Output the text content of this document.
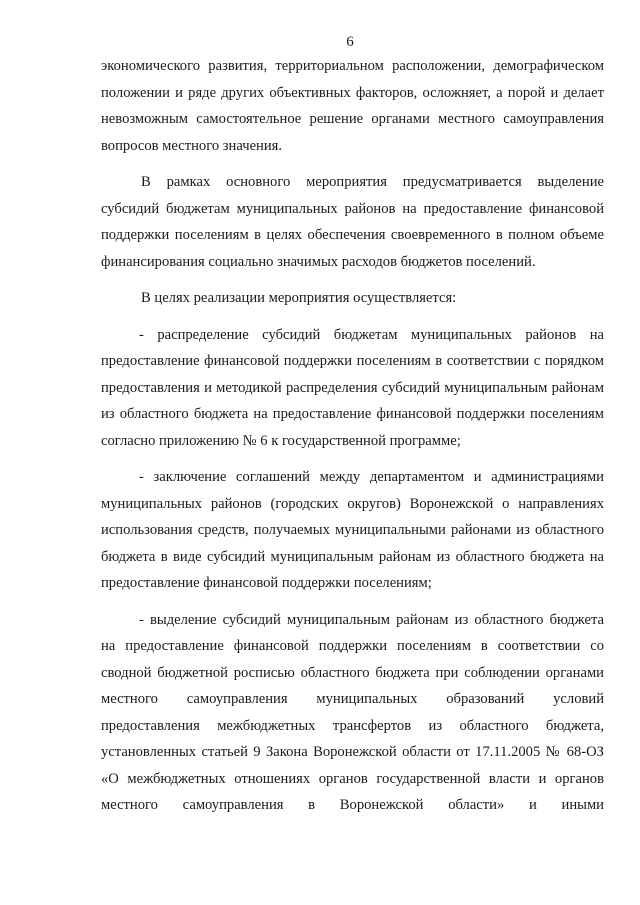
6

экономического развития, территориальном расположении, демографическом положении и ряде других объективных факторов, осложняет, а порой и делает невозможным самостоятельное решение органами местного самоуправления вопросов местного значения.

В рамках основного мероприятия предусматривается выделение субсидий бюджетам муниципальных районов на предоставление финансовой поддержки поселениям в целях обеспечения своевременного в полном объеме финансирования социально значимых расходов бюджетов поселений.

В целях реализации мероприятия осуществляется:

- распределение субсидий бюджетам муниципальных районов на предоставление финансовой поддержки поселениям в соответствии с порядком предоставления и методикой распределения субсидий муниципальным районам из областного бюджета на предоставление финансовой поддержки поселениям согласно приложению № 6 к государственной программе;

- заключение соглашений между департаментом и администрациями муниципальных районов (городских округов) Воронежской о направлениях использования средств, получаемых муниципальными районами из областного бюджета в виде субсидий муниципальным районам из областного бюджета на предоставление финансовой поддержки поселениям;

- выделение субсидий муниципальным районам из областного бюджета на предоставление финансовой поддержки поселениям в соответствии со сводной бюджетной росписью областного бюджета при соблюдении органами местного самоуправления муниципальных образований условий предоставления межбюджетных трансфертов из областного бюджета, установленных статьей 9 Закона Воронежской области от 17.11.2005 № 68-ОЗ «О межбюджетных отношениях органов государственной власти и органов местного самоуправления в Воронежской области» и иными
